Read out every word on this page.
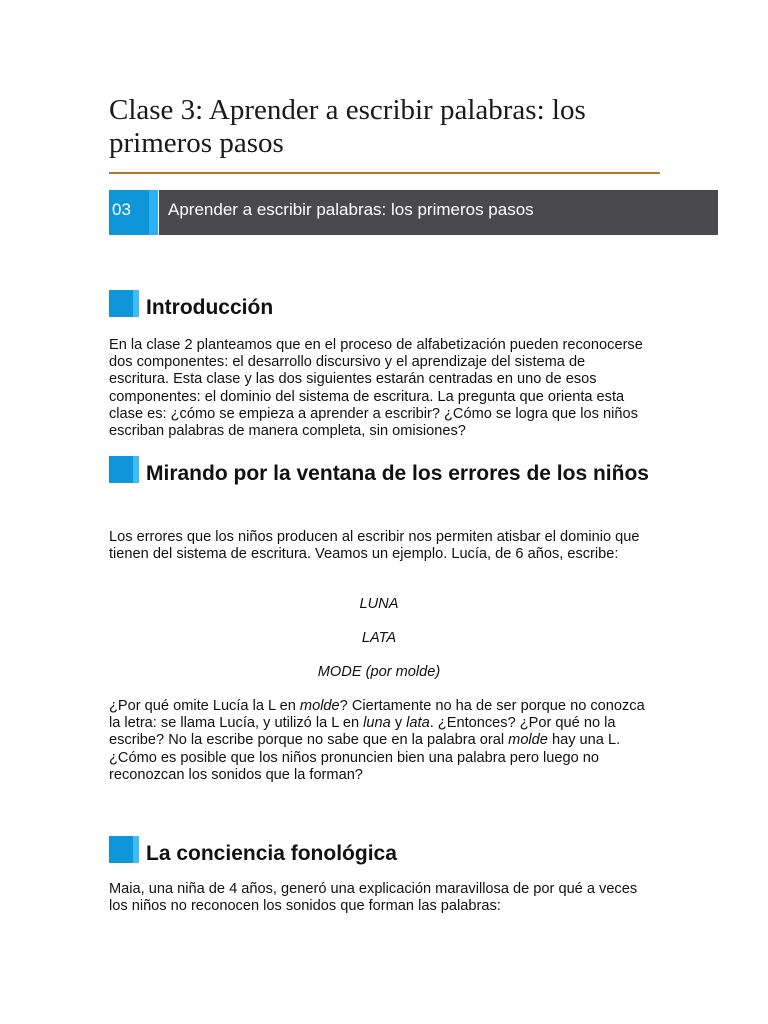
Clase 3: Aprender a escribir palabras: los primeros pasos
03	Aprender a escribir palabras: los primeros pasos
Introducción

En la clase 2 planteamos que en el proceso de alfabetización pueden reconocerse dos componentes: el desarrollo discursivo y el aprendizaje del sistema de escritura. Esta clase y las dos siguientes estarán centradas en uno de esos componentes: el dominio del sistema de escritura. La pregunta que orienta esta clase es: ¿cómo se empieza a aprender a escribir? ¿Cómo se logra que los niños escriban palabras de manera completa, sin omisiones?

Mirando por la ventana de los errores de los niños

Los errores que los niños producen al escribir nos permiten atisbar el dominio que tienen del sistema de escritura. Veamos un ejemplo. Lucía, de 6 años, escribe:

LUNA

LATA

MODE (por molde)

¿Por qué omite Lucía la L en molde? Ciertamente no ha de ser porque no conozca la letra: se llama Lucía, y utilizó la L en luna y lata. ¿Entonces? ¿Por qué no la escribe? No la escribe porque no sabe que en la palabra oral molde hay una L. ¿Cómo es posible que los niños pronuncien bien una palabra pero luego no reconozcan los sonidos que la forman?

La conciencia fonológica

Maia, una niña de 4 años, generó una explicación maravillosa de por qué a veces los niños no reconocen los sonidos que forman las palabras:
